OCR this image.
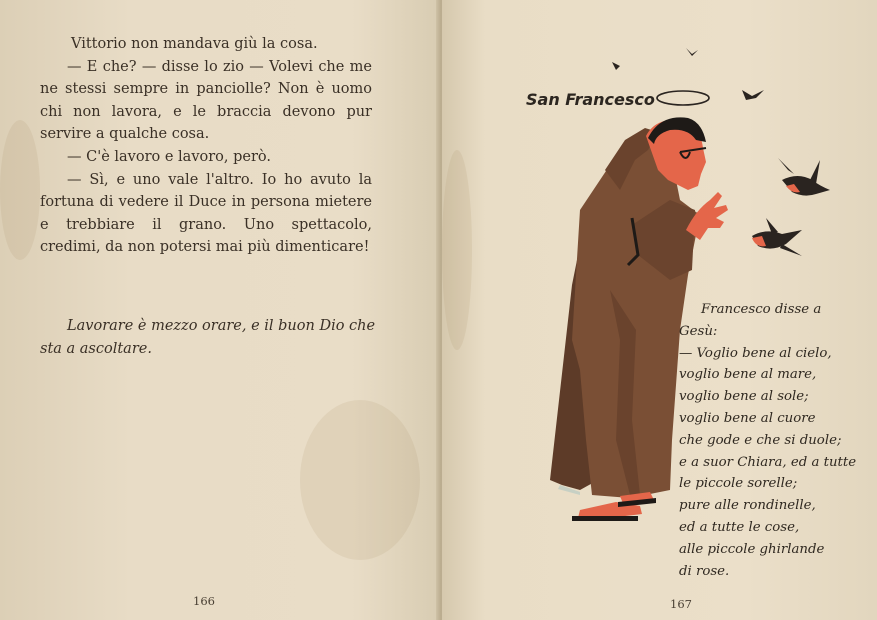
Vittorio non mandava giù la cosa.

— E che? — disse lo zio — Volevi che me ne stessi sempre in panciolle? Non è uomo chi non lavora, e le braccia devono pur servire a qualche cosa.

— C'è lavoro e lavoro, però.

— Sì, e uno vale l'altro. Io ho avuto la fortuna di vedere il Duce in persona mietere e trebbiare il grano. Uno spettacolo, credimi, da non potersi mai più dimenticare!

Lavorare è mezzo orare, e il buon Dio che sta a ascoltare.

166
San Francesco
Francesco disse a
Gesù:
— Voglio bene al cielo,
voglio bene al mare,
voglio bene al sole;
voglio bene al cuore
che gode e che si duole;
e a suor Chiara, ed a tutte
le piccole sorelle;
pure alle rondinelle,
ed a tutte le cose,
alle piccole ghirlande
di rose.
167
